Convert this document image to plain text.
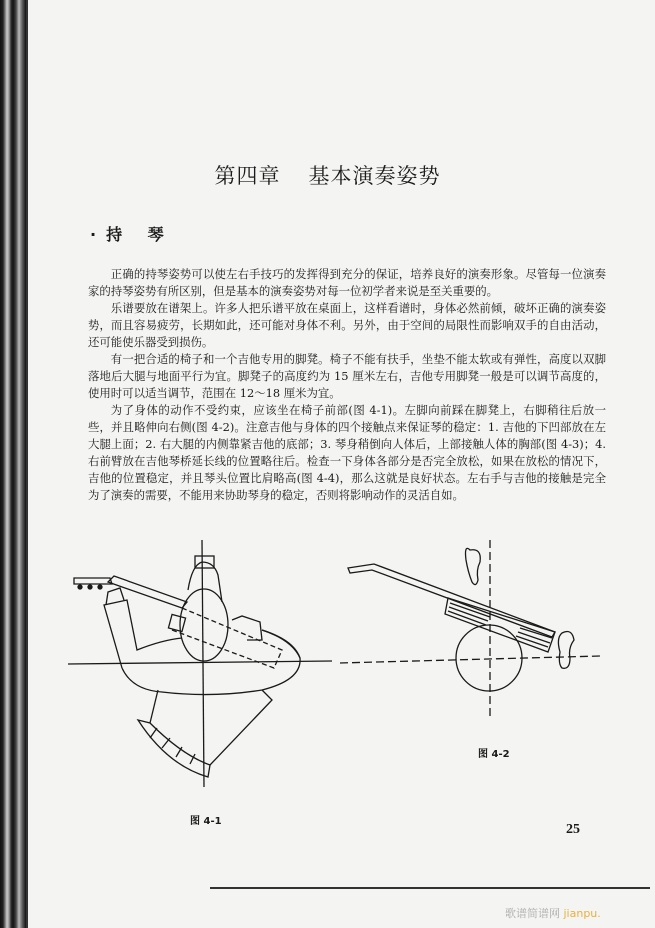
第四章 基本演奏姿势
·持 琴

正确的持琴姿势可以使左右手技巧的发挥得到充分的保证，培养良好的演奏形象。尽管每一位演奏家的持琴姿势有所区别，但是基本的演奏姿势对每一位初学者来说是至关重要的。

乐谱要放在谱架上。许多人把乐谱平放在桌面上，这样看谱时，身体必然前倾，破坏正确的演奏姿势，而且容易疲劳，长期如此，还可能对身体不利。另外，由于空间的局限性而影响双手的自由活动，还可能使乐器受到损伤。

有一把合适的椅子和一个吉他专用的脚凳。椅子不能有扶手，坐垫不能太软或有弹性，高度以双脚落地后大腿与地面平行为宜。脚凳子的高度约为 15 厘米左右，吉他专用脚凳一般是可以调节高度的，使用时可以适当调节，范围在 12～18 厘米为宜。

为了身体的动作不受约束，应该坐在椅子前部(图 4-1)。左脚向前踩在脚凳上，右脚稍往后放一些，并且略伸向右侧(图 4-2)。注意吉他与身体的四个接触点来保证琴的稳定：1. 吉他的下凹部放在左大腿上面；2. 右大腿的内侧靠紧吉他的底部；3. 琴身稍倒向人体后，上部接触人体的胸部(图 4-3)；4. 右前臂放在吉他琴桥延长线的位置略往后。检查一下身体各部分是否完全放松，如果在放松的情况下，吉他的位置稳定，并且琴头位置比肩略高(图 4-4)，那么这就是良好状态。左右手与吉他的接触是完全为了演奏的需要，不能用来协助琴身的稳定，否则将影响动作的灵活自如。

图 4-1
图 4-2
25
歌谱简谱网 jianpu.
